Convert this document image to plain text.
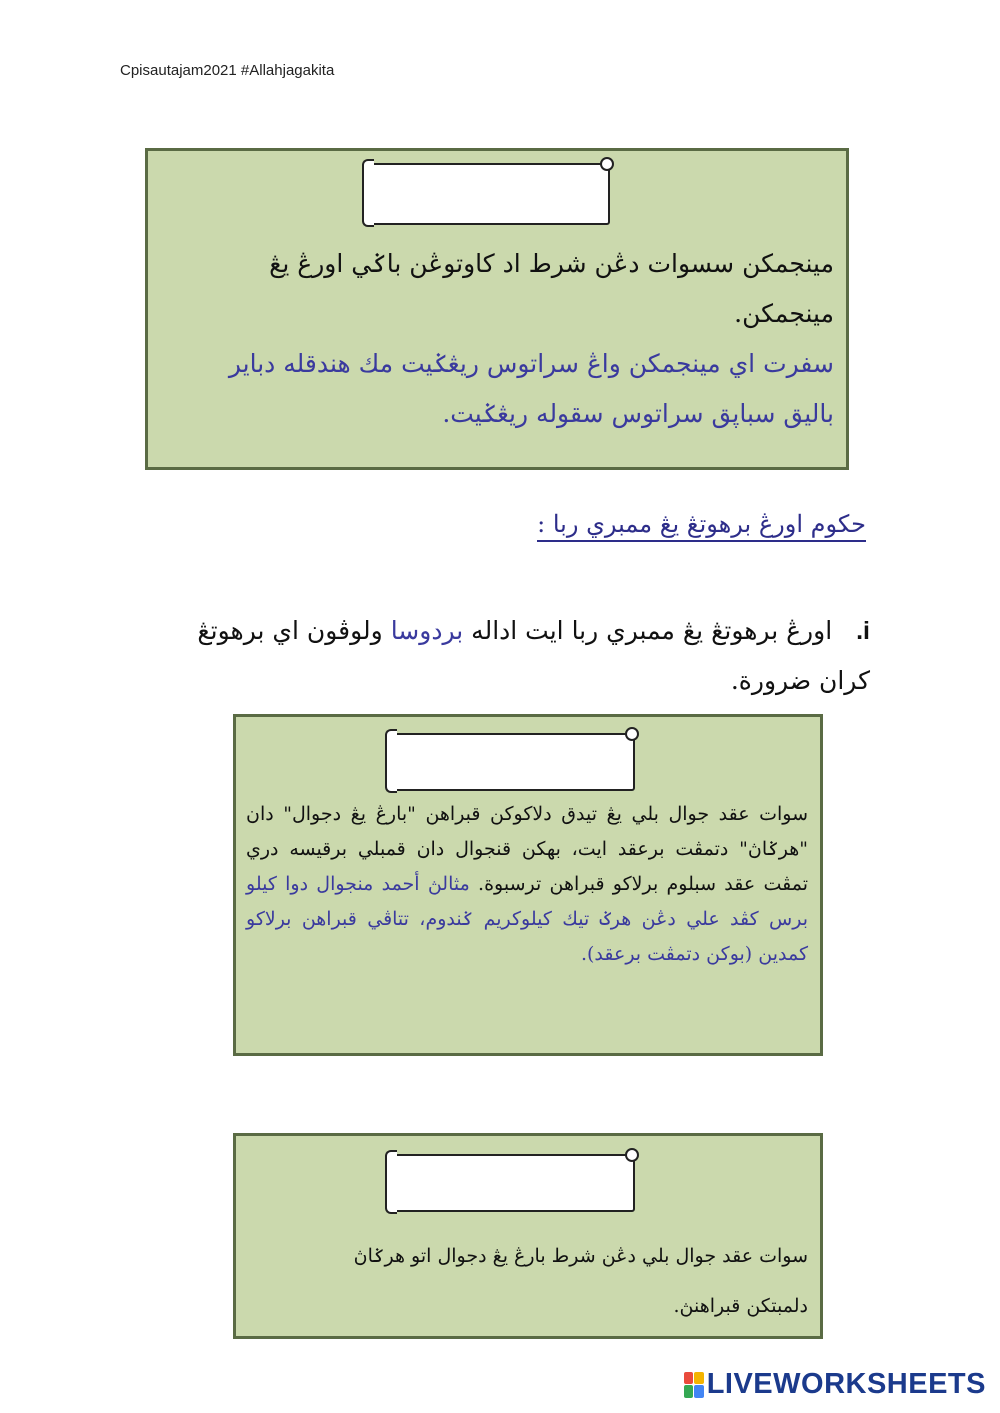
Cpisautajam2021 #Allahjagakita
مينجمكن سسوات دڠن شرط اد كاوتوڠن باݢي اورڠ يڠ
مينجمكن.
سفرت اي مينجمكن واڠ سراتوس ريڠݢيت مك هندقله دباير
باليق سباپق سراتوس سقوله ريڠݢيت.
حكوم اورڠ برهوتڠ يڠ ممبري ربا :
i. اورڠ برهوتڠ يڠ ممبري ربا ايت اداله بردوسا ولوڤون اي برهوتڠ كران ضرورة.
سوات عقد جوال بلي يڠ تيدق دلاكوكن قبراهن "بارڠ يڠ دجوال" دان "هرݢاڽ" دتمڤت برعقد ايت، بهكن قنجوال دان قمبلي برقيسه دري تمڤت عقد سبلوم برلاكو قبراهن ترسبوة. مثالڽ أحمد منجوال دوا كيلو برس كڤد علي دڠن هرݢ تيك كيلوكريم ݢندوم، تتاڤي قبراهن برلاكو كمدين (بوكن دتمڤت برعقد).
سوات عقد جوال بلي دڠن شرط بارڠ يڠ دجوال اتو هرݢاڽ
دلمبتكن قبراهنڽ.
LIVEWORKSHEETS
